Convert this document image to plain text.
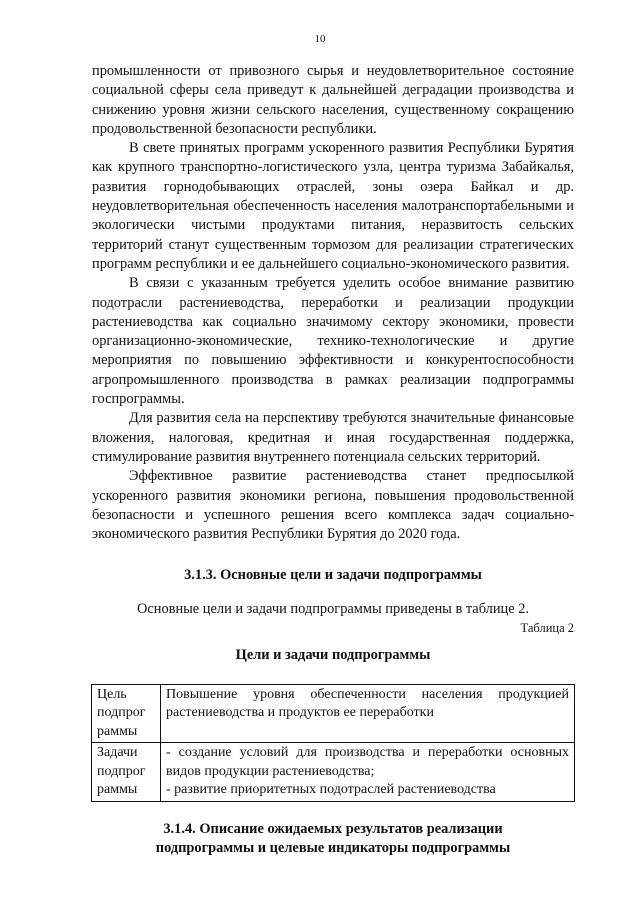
10

промышленности от привозного сырья и неудовлетворительное состояние социальной сферы села приведут к дальнейшей деградации производства и снижению уровня жизни сельского населения, существенному сокращению продовольственной безопасности республики.

В свете принятых программ ускоренного развития Республики Бурятия как крупного транспортно-логистического узла, центра туризма Забайкалья, развития горнодобывающих отраслей, зоны озера Байкал и др. неудовлетворительная обеспеченность населения малотранспортабельными и экологически чистыми продуктами питания, неразвитость сельских территорий станут существенным тормозом для реализации стратегических программ республики и ее дальнейшего социально-экономического развития.

В связи с указанным требуется уделить особое внимание развитию подотрасли растениеводства, переработки и реализации продукции растениеводства как социально значимому сектору экономики, провести организационно-экономические, технико-технологические и другие мероприятия по повышению эффективности и конкурентоспособности агропромышленного производства в рамках реализации подпрограммы госпрограммы.

Для развития села на перспективу требуются значительные финансовые вложения, налоговая, кредитная и иная государственная поддержка, стимулирование развития внутреннего потенциала сельских территорий.

Эффективное развитие растениеводства станет предпосылкой ускоренного развития экономики региона, повышения продовольственной безопасности и успешного решения всего комплекса задач социально-экономического развития Республики Бурятия до 2020 года.

3.1.3. Основные цели и задачи подпрограммы
Основные цели и задачи подпрограммы приведены в таблице 2.
Таблица 2
Цели и задачи подпрограммы
Цель подпрог раммы	Повышение уровня обеспеченности населения продукцией растениеводства и продуктов ее переработки

Задачи подпрог раммы	- создание условий для производства и переработки основных видов продукции растениеводства;
- развитие приоритетных подотраслей растениеводства
3.1.4. Описание ожидаемых результатов реализации
подпрограммы и целевые индикаторы подпрограммы
